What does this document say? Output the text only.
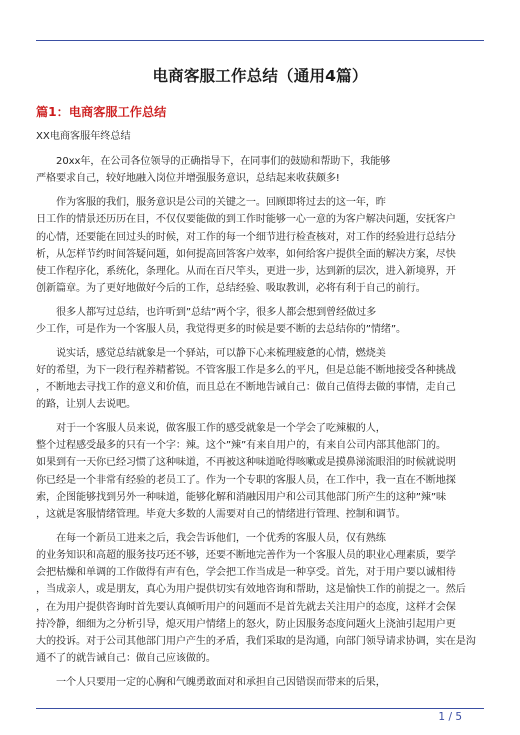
电商客服工作总结（通用4篇）
篇1：电商客服工作总结

XX电商客服年终总结

20xx年，在公司各位领导的正确指导下，在同事们的鼓励和帮助下，我能够
严格要求自己，较好地融入岗位并增强服务意识，总结起来收获颇多!

作为客服的我们，服务意识是公司的关键之一。回顾即将过去的这一年，昨
日工作的情景还历历在目，不仅仅要能做的到工作时能够一心一意的为客户解决问题，安抚客户
的心情，还要能在回过头的时候，对工作的每一个细节进行检查核对，对工作的经验进行总结分
析，从怎样节约时间答疑问题，如何提高回答客户效率，如何给客户提供全面的解决方案，尽快
使工作程序化，系统化，条理化。从而在百尺竿头，更进一步，达到新的层次，进入新境界，开
创新篇章。为了更好地做好今后的工作，总结经验、吸取教训，必将有利于自己的前行。

很多人都写过总结，也许听到”总结”两个字，很多人都会想到曾经做过多
少工作，可是作为一个客服人员，我觉得更多的时候是要不断的去总结你的”情绪”。

说实话，感觉总结就象是一个驿站，可以静下心来梳理疲惫的心情，燃烧美
好的希望，为下一段行程养精蓄锐。不管客服工作是多么的平凡，但是总能不断地接受各种挑战
，不断地去寻找工作的意义和价值，而且总在不断地告诫自己：做自己值得去做的事情，走自己
的路，让别人去说吧。

对于一个客服人员来说，做客服工作的感受就象是一个学会了吃辣椒的人，
整个过程感受最多的只有一个字：辣。这个”辣”有来自用户的，有来自公司内部其他部门的。
如果到有一天你已经习惯了这种味道，不再被这种味道呛得咳嗽或是摸鼻涕流眼泪的时候就说明
你已经是一个非常有经验的老员工了。作为一个专职的客服人员，在工作中，我一直在不断地探
索，企图能够找到另外一种味道，能够化解和消融因用户和公司其他部门所产生的这种”辣”味
，这就是客服情绪管理。毕竟大多数的人需要对自己的情绪进行管理、控制和调节。

在每一个新员工进来之后，我会告诉他们，一个优秀的客服人员，仅有熟练
的业务知识和高超的服务技巧还不够，还要不断地完善作为一个客服人员的职业心理素质，要学
会把枯燥和单调的工作做得有声有色，学会把工作当成是一种享受。首先，对于用户要以诚相待
，当成亲人，或是朋友，真心为用户提供切实有效地咨询和帮助，这是愉快工作的前提之一。然后
，在为用户提供咨询时首先要认真倾听用户的问题而不是首先就去关注用户的态度，这样才会保
持冷静，细细为之分析引导，熄灭用户情绪上的怒火，防止因服务态度问题火上浇油引起用户更
大的投诉。对于公司其他部门用户产生的矛盾，我们采取的是沟通，向部门领导请求协调，实在是沟
通不了的就告诫自己：做自己应该做的。

一个人只要用一定的心胸和气魄勇敢面对和承担自己因错误而带来的后果，

1 / 5
